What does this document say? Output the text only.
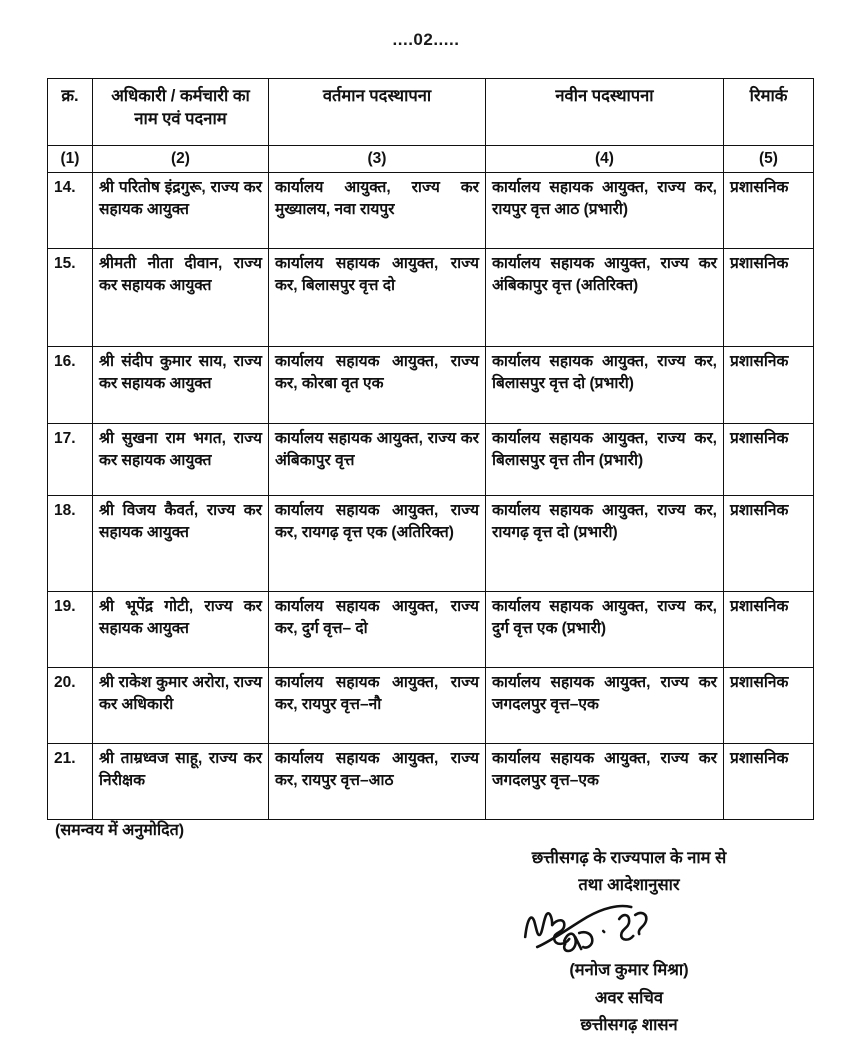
....02.....
क्र.	अधिकारी / कर्मचारी का नाम एवं पदनाम	वर्तमान पदस्थापना	नवीन पदस्थापना	रिमार्क
(1)	(2)	(3)	(4)	(5)
14.	श्री परितोष इंद्रगुरू, राज्य कर सहायक आयुक्त	कार्यालय आयुक्त, राज्य कर मुख्यालय, नवा रायपुर	कार्यालय सहायक आयुक्त, राज्य कर, रायपुर वृत्त आठ (प्रभारी)	प्रशासनिक
15.	श्रीमती नीता दीवान, राज्य कर सहायक आयुक्त	कार्यालय सहायक आयुक्त, राज्य कर, बिलासपुर वृत्त दो	कार्यालय सहायक आयुक्त, राज्य कर अंबिकापुर वृत्त (अतिरिक्त)	प्रशासनिक
16.	श्री संदीप कुमार साय, राज्य कर सहायक आयुक्त	कार्यालय सहायक आयुक्त, राज्य कर, कोरबा वृत एक	कार्यालय सहायक आयुक्त, राज्य कर, बिलासपुर वृत्त दो (प्रभारी)	प्रशासनिक
17.	श्री सुखना राम भगत, राज्य कर सहायक आयुक्त	कार्यालय सहायक आयुक्त, राज्य कर अंबिकापुर वृत्त	कार्यालय सहायक आयुक्त, राज्य कर, बिलासपुर वृत्त तीन (प्रभारी)	प्रशासनिक
18.	श्री विजय कैवर्त, राज्य कर सहायक आयुक्त	कार्यालय सहायक आयुक्त, राज्य कर, रायगढ़ वृत्त एक (अतिरिक्त)	कार्यालय सहायक आयुक्त, राज्य कर, रायगढ़ वृत्त दो (प्रभारी)	प्रशासनिक
19.	श्री भूपेंद्र गोटी, राज्य कर सहायक आयुक्त	कार्यालय सहायक आयुक्त, राज्य कर, दुर्ग वृत्त– दो	कार्यालय सहायक आयुक्त, राज्य कर, दुर्ग वृत्त एक (प्रभारी)	प्रशासनिक
20.	श्री राकेश कुमार अरोरा, राज्य कर अधिकारी	कार्यालय सहायक आयुक्त, राज्य कर, रायपुर वृत्त–नौ	कार्यालय सहायक आयुक्त, राज्य कर जगदलपुर वृत्त–एक	प्रशासनिक
21.	श्री ताम्रध्वज साहू, राज्य कर निरीक्षक	कार्यालय सहायक आयुक्त, राज्य कर, रायपुर वृत्त–आठ	कार्यालय सहायक आयुक्त, राज्य कर जगदलपुर वृत्त–एक	प्रशासनिक
(समन्वय में अनुमोदित)
छत्तीसगढ़ के राज्यपाल के नाम से
तथा आदेशानुसार
(मनोज कुमार मिश्रा)
अवर सचिव
छत्तीसगढ़ शासन
